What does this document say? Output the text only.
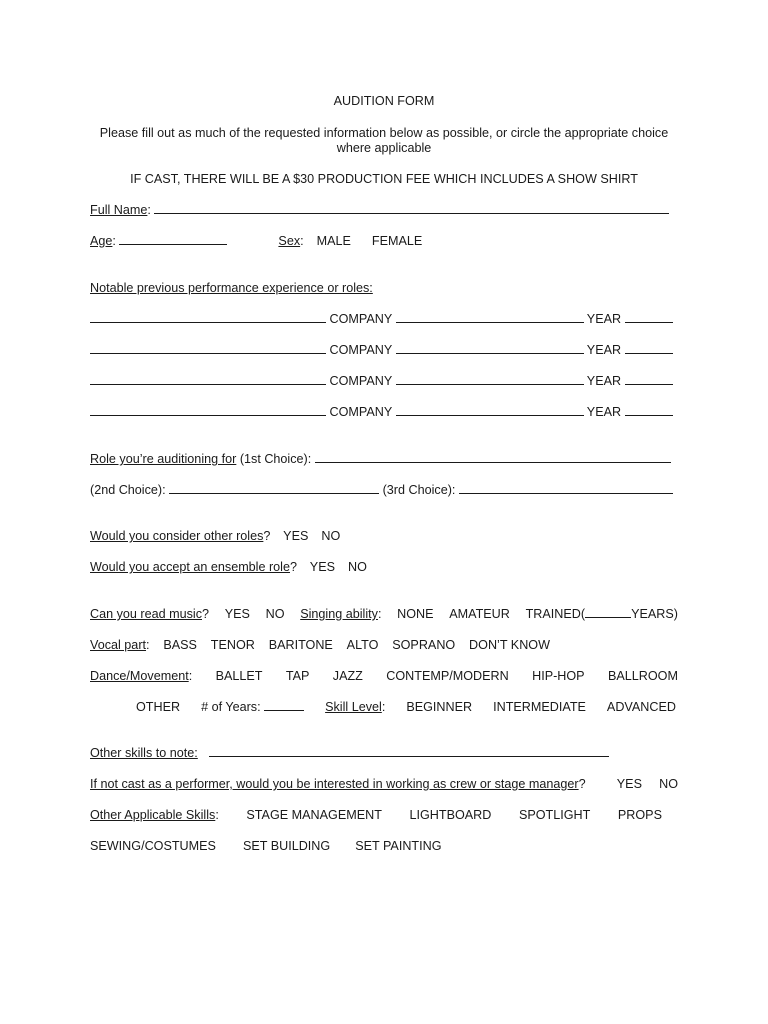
AUDITION FORM
Please fill out as much of the requested information below as possible, or circle the appropriate choice
where applicable
IF CAST, THERE WILL BE A $30 PRODUCTION FEE WHICH INCLUDES A SHOW SHIRT
Full Name:
Age:	Sex: MALE FEMALE
Notable previous performance experience or roles:
COMPANY	YEAR
COMPANY	YEAR
COMPANY	YEAR
COMPANY	YEAR
Role you’re auditioning for (1st Choice):
(2nd Choice):	(3rd Choice):
Would you consider other roles? YES NO
Would you accept an ensemble role? YES NO
Can you read music? YES NO Singing ability: NONE AMATEUR TRAINED(	YEARS)
Vocal part: BASS TENOR BARITONE ALTO SOPRANO DON’T KNOW
Dance/Movement: BALLET TAP JAZZ CONTEMP/MODERN HIP-HOP BALLROOM
OTHER # of Years:	Skill Level: BEGINNER INTERMEDIATE ADVANCED
Other skills to note:
If not cast as a performer, would you be interested in working as crew or stage manager? YES NO
Other Applicable Skills: STAGE MANAGEMENT LIGHTBOARD SPOTLIGHT PROPS
SEWING/COSTUMES SET BUILDING SET PAINTING
